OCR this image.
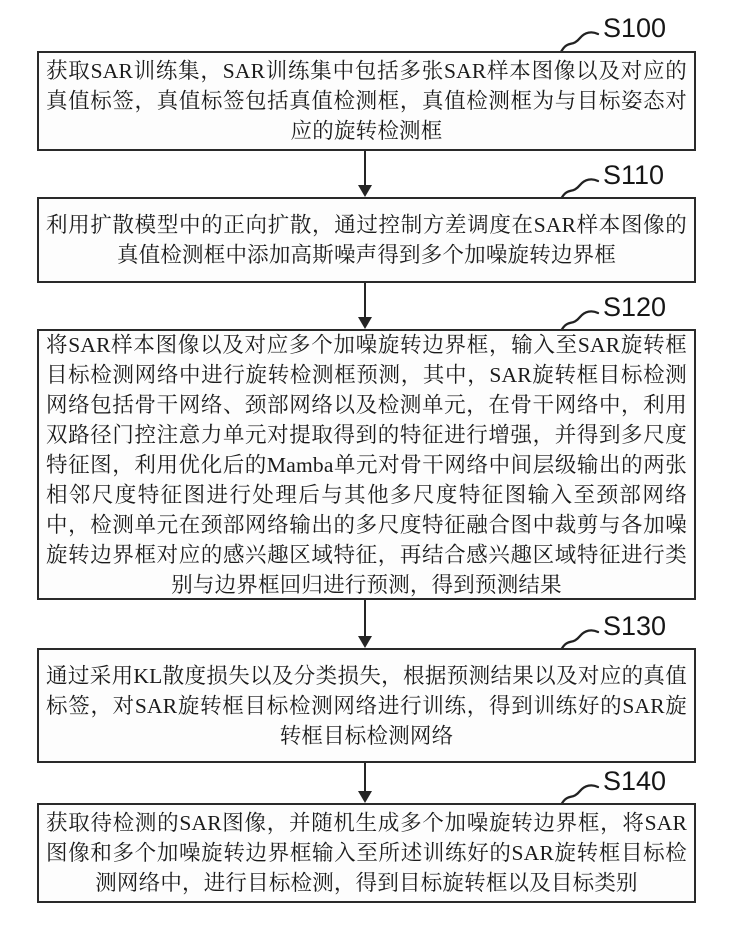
S100
获取SAR训练集，SAR训练集中包括多张SAR样本图像以及对应的真值标签，真值标签包括真值检测框，真值检测框为与目标姿态对应的旋转检测框
S110
利用扩散模型中的正向扩散，通过控制方差调度在SAR样本图像的真值检测框中添加高斯噪声得到多个加噪旋转边界框
S120
将SAR样本图像以及对应多个加噪旋转边界框，输入至SAR旋转框目标检测网络中进行旋转检测框预测，其中，SAR旋转框目标检测网络包括骨干网络、颈部网络以及检测单元，在骨干网络中，利用双路径门控注意力单元对提取得到的特征进行增强，并得到多尺度特征图，利用优化后的Mamba单元对骨干网络中间层级输出的两张相邻尺度特征图进行处理后与其他多尺度特征图输入至颈部网络中，检测单元在颈部网络输出的多尺度特征融合图中裁剪与各加噪旋转边界框对应的感兴趣区域特征，再结合感兴趣区域特征进行类别与边界框回归进行预测，得到预测结果
S130
通过采用KL散度损失以及分类损失，根据预测结果以及对应的真值标签，对SAR旋转框目标检测网络进行训练，得到训练好的SAR旋转框目标检测网络
S140
获取待检测的SAR图像，并随机生成多个加噪旋转边界框，将SAR图像和多个加噪旋转边界框输入至所述训练好的SAR旋转框目标检测网络中，进行目标检测，得到目标旋转框以及目标类别
